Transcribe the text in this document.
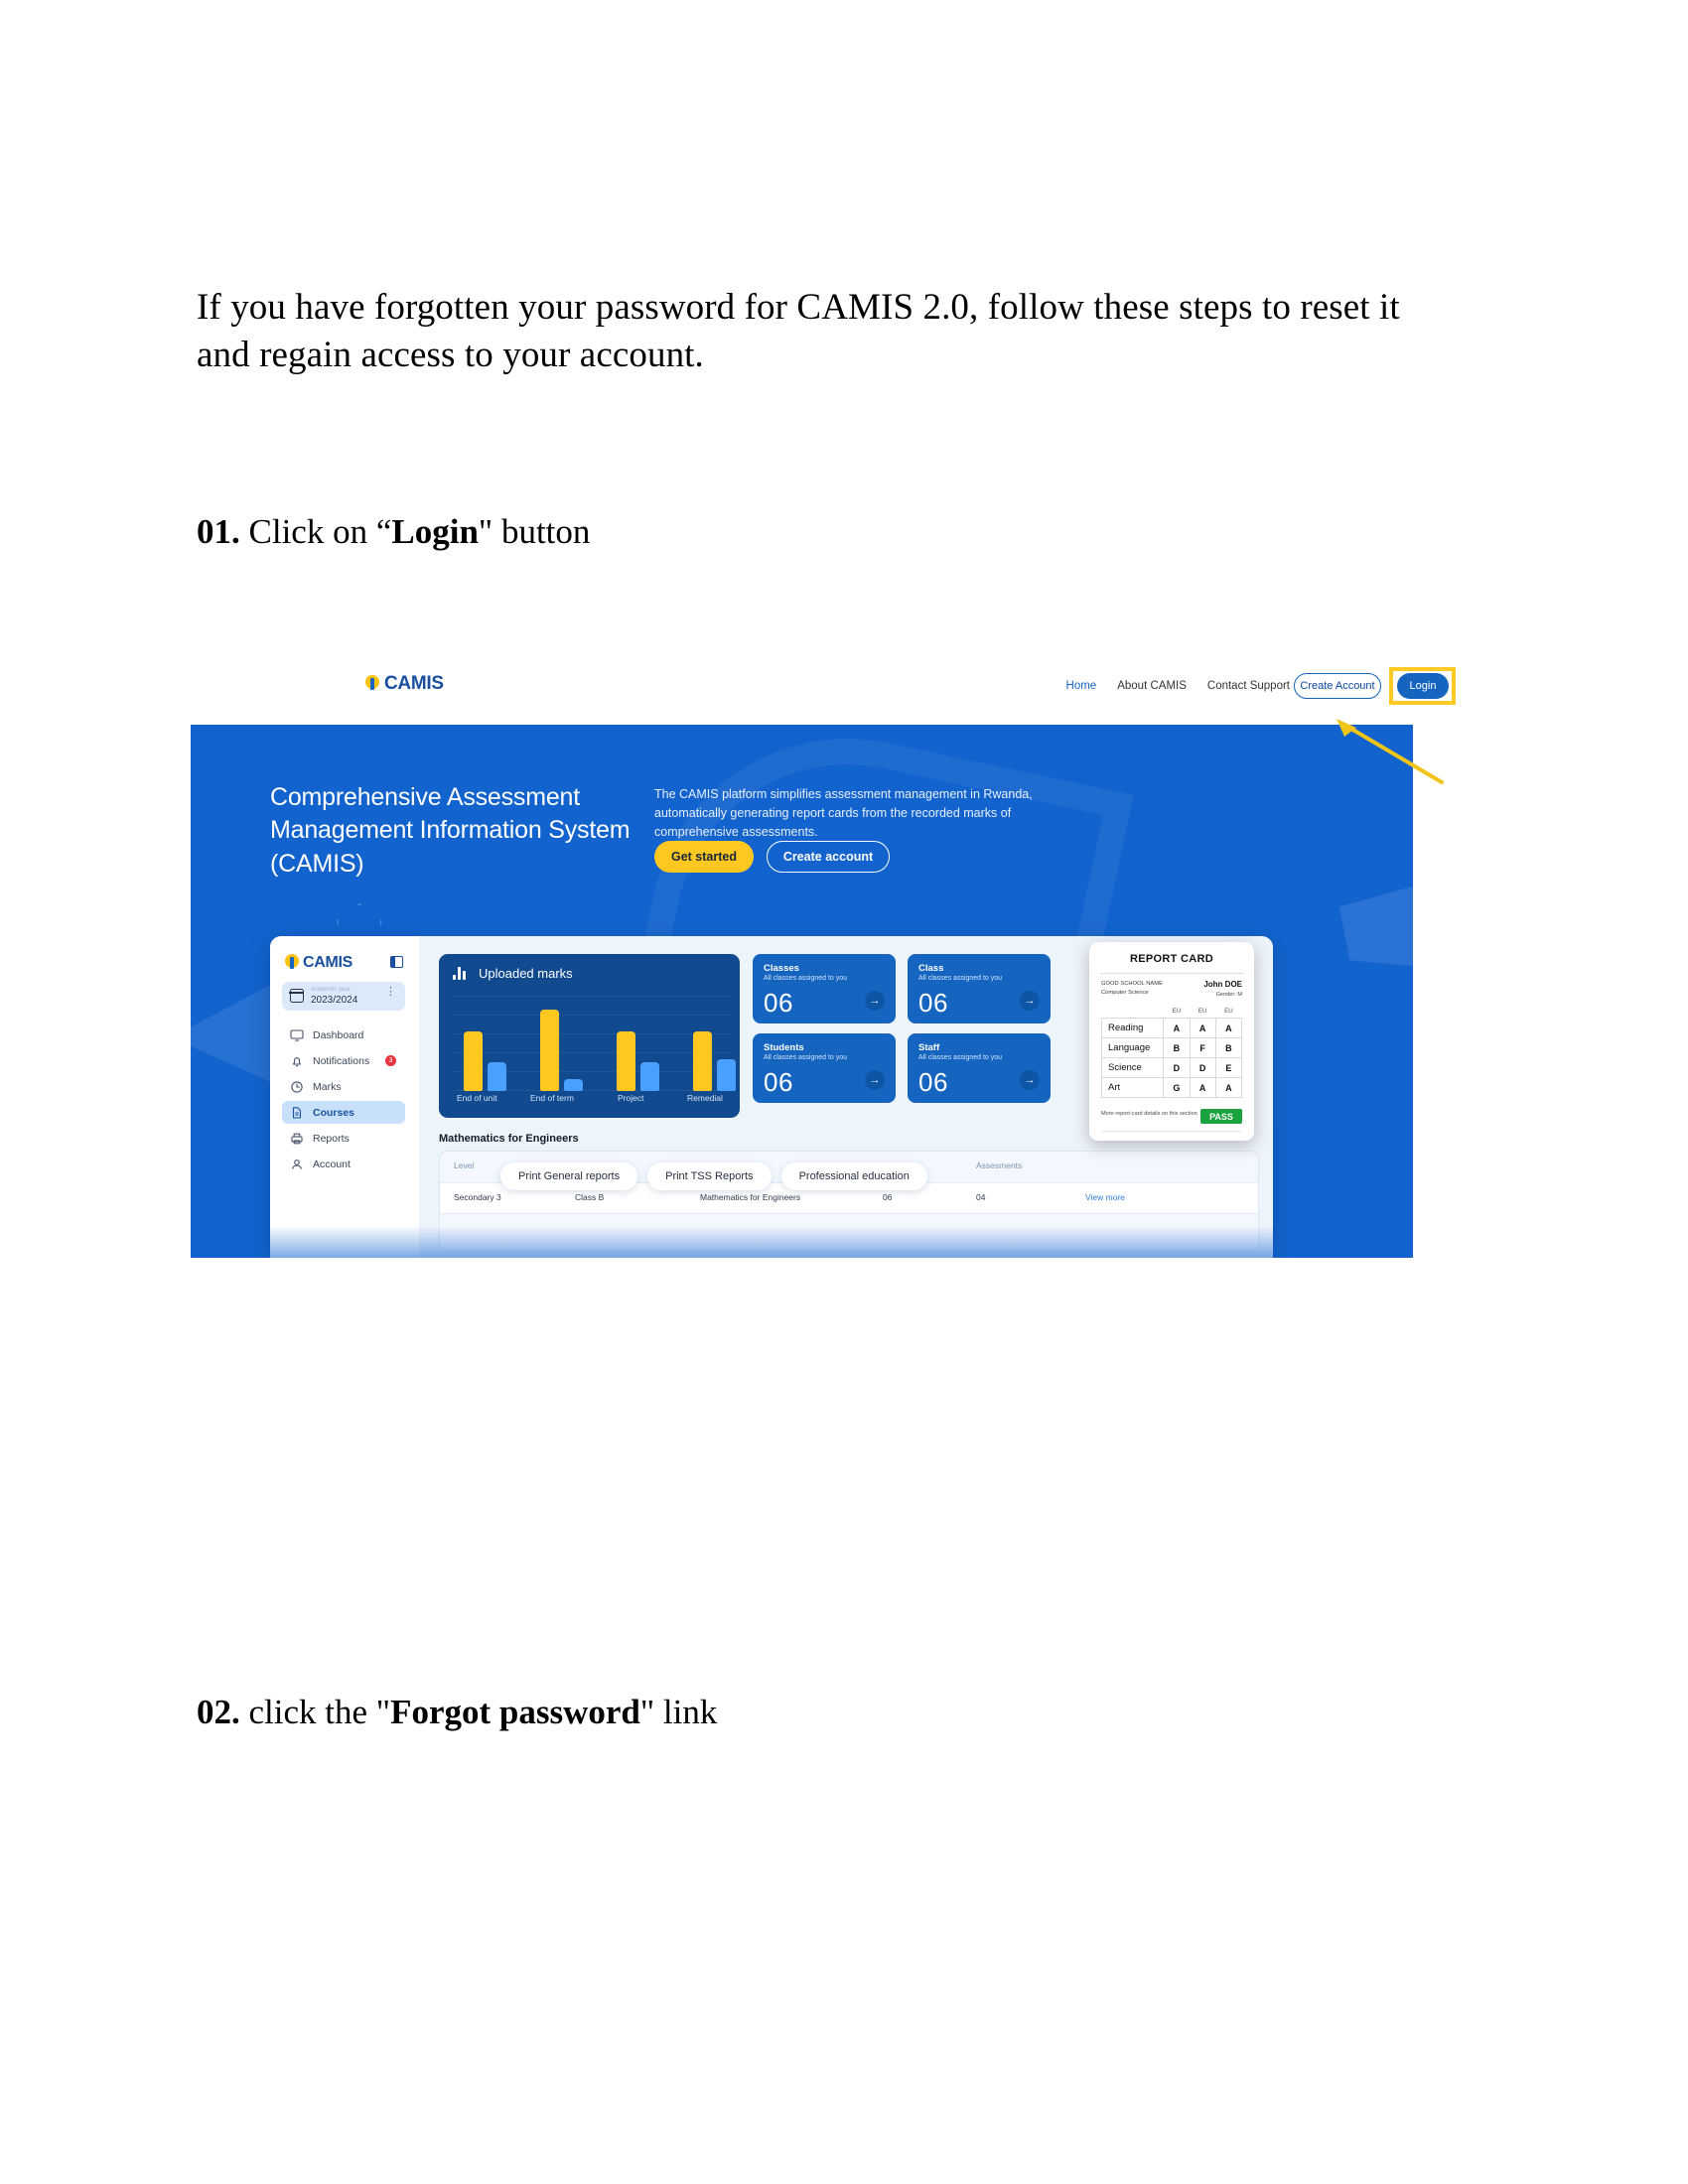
If you have forgotten your password for CAMIS 2.0, follow these steps to reset it and regain access to your account.
01. Click on “Login" button
02. click the "Forgot password" link
CAMIS	Home About CAMIS Contact Support Create Account	Login
Comprehensive Assessment Management Information System (CAMIS)
The CAMIS platform simplifies assessment management in Rwanda, automatically generating report cards from the recorded marks of comprehensive assessments.
Get started	Create account
CAMIS
Academic year
2023/2024
⋮
Dashboard
Notifications	3
Marks
Courses
Reports
Account
Uploaded marks
End of unit	End of term	Project	Remedial
Classes
All classes assigned to you
06	→
Class
All classes assigned to you
06	→
Students
All classes assigned to you
06	→
Staff
All classes assigned to you
06	→
REPORT CARD
GOOD SCHOOL NAME
Computer Science
John DOE
Gender: M
	EU	EU	EU
Reading	A	A	A
Language	B	F	B
Science	D	D	E
Art	G	A	A
More report-card details on this section	PASS
Mathematics for Engineers
Level	Assesments
Secondary 3	Class B	Mathematics for Engineers	06	04	View more
Print General reports	Print TSS Reports	Professional education
